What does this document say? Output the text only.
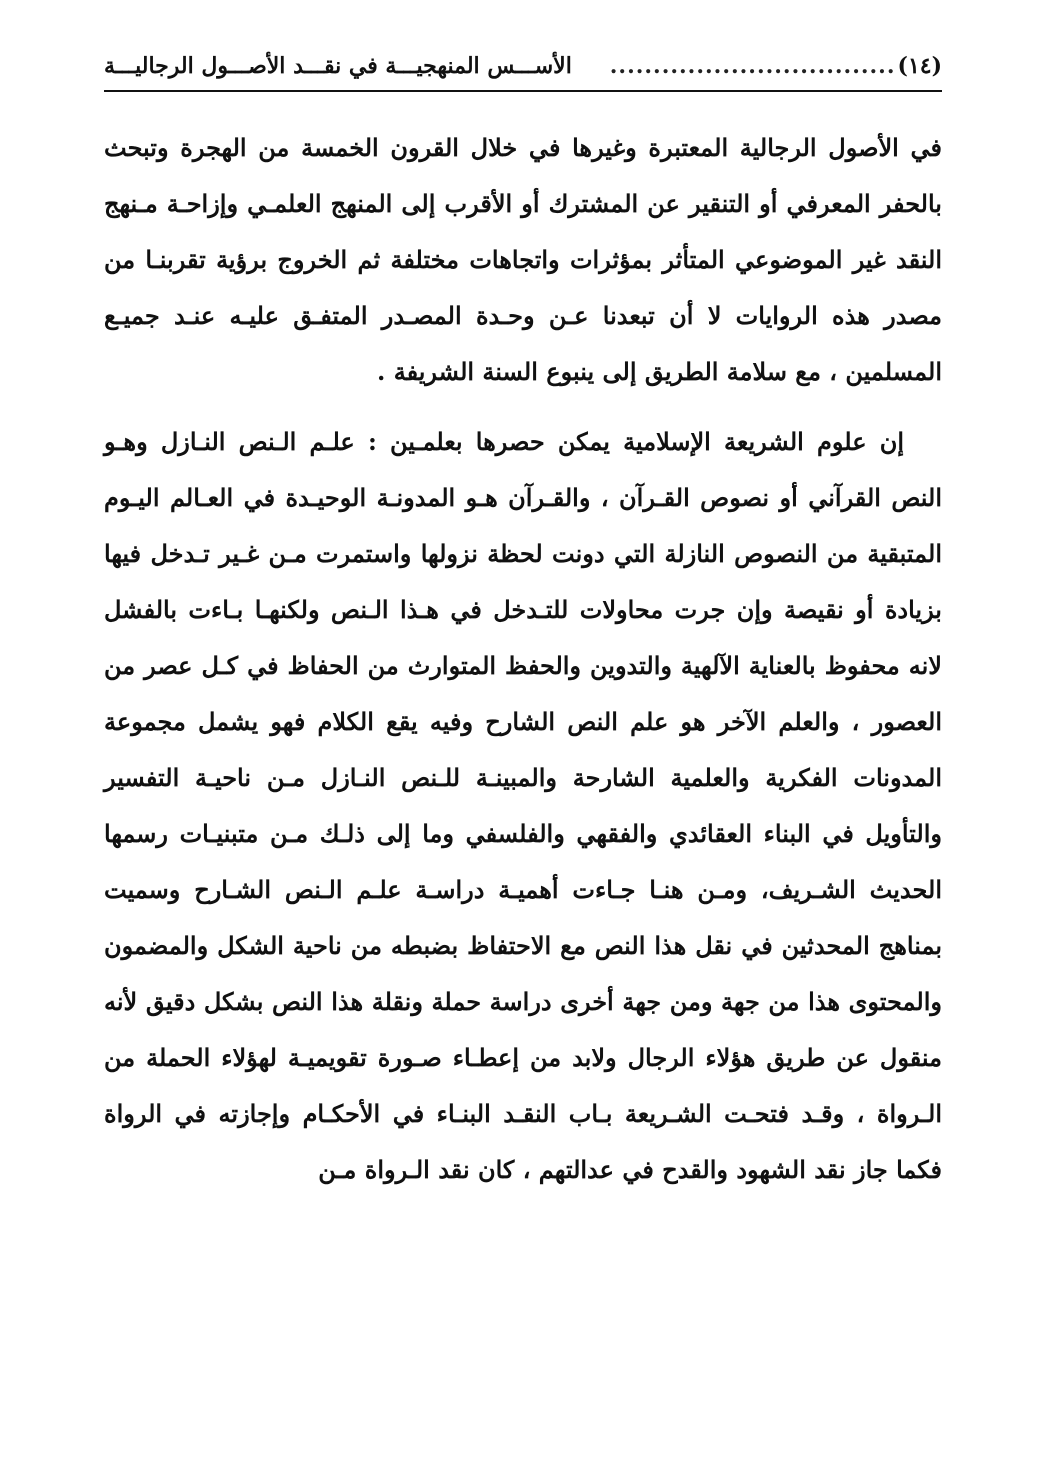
(١٤)
.................................
الأســـس المنهجيـــة في نقـــد الأصـــول الرجاليـــة

في الأصول الرجالية المعتبرة وغيرها في خلال القرون الخمسة من الهجرة وتبحث بالحفر المعرفي أو التنقير عن المشترك أو الأقرب إلى المنهج العلمـي وإزاحـة مـنهج النقد غير الموضوعي المتأثر بمؤثرات واتجاهات مختلفة ثم الخروج برؤية تقربنـا من مصدر هذه الروايات لا أن تبعدنا عـن وحـدة المصـدر المتفـق عليـه عنـد جميـع المسلمين ، مع سلامة الطريق إلى ينبوع السنة الشريفة .

إن علوم الشريعة الإسلامية يمكن حصرها بعلمـين : علـم الـنص النـازل وهـو النص القرآني أو نصوص القـرآن ، والقـرآن هـو المدونـة الوحيـدة في العـالم اليـوم المتبقية من النصوص النازلة التي دونت لحظة نزولها واستمرت مـن غـير تـدخل فيها بزيادة أو نقيصة وإن جرت محاولات للتـدخل في هـذا الـنص ولكنهـا بـاءت بالفشل لانه محفوظ بالعناية الآلهية والتدوين والحفظ المتوارث من الحفاظ في كـل عصر من العصور ، والعلم الآخر هو علم النص الشارح وفيه يقع الكلام فهو يشمل مجموعة المدونات الفكرية والعلمية الشارحة والمبينـة للـنص النـازل مـن ناحيـة التفسير والتأويل في البناء العقائدي والفقهي والفلسفي وما إلى ذلـك مـن متبنيـات رسمها الحديث الشـريف، ومـن هنـا جـاءت أهميـة دراسـة علـم الـنص الشـارح وسميت بمناهج المحدثين في نقل هذا النص مع الاحتفاظ بضبطه من ناحية الشكل والمضمون والمحتوى هذا من جهة ومن جهة أخرى دراسة حملة ونقلة هذا النص بشكل دقيق لأنه منقول عن طريق هؤلاء الرجال ولابد من إعطـاء صـورة تقويميـة لهؤلاء الحملة من الـرواة ، وقـد فتحـت الشـريعة بـاب النقـد البنـاء في الأحكـام وإجازته في الرواة فكما جاز نقد الشهود والقدح في عدالتهم ، كان نقد الـرواة مـن
